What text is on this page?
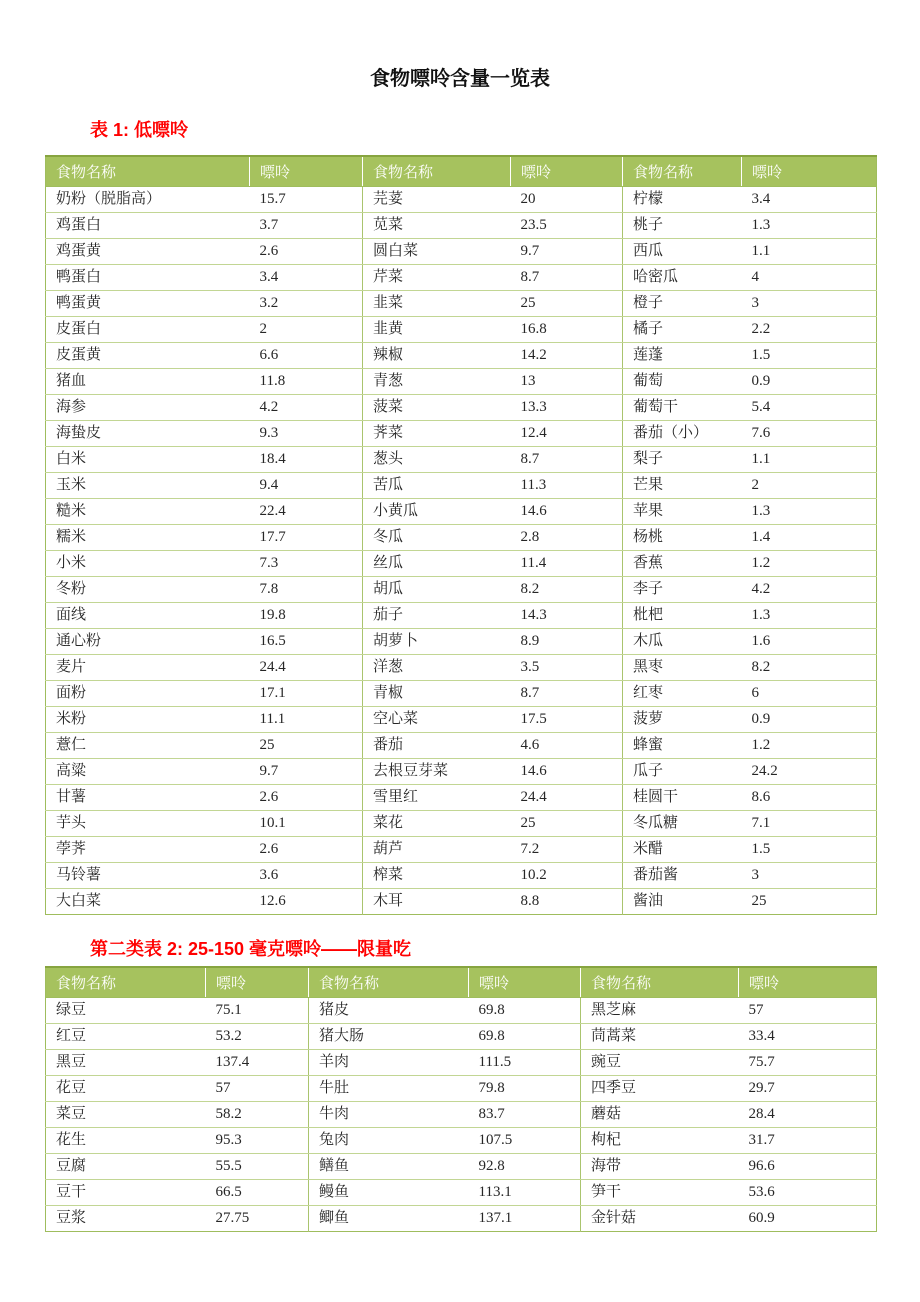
食物嘌呤含量一览表
表 1: 低嘌呤
食物名称	嘌呤	食物名称	嘌呤	食物名称	嘌呤
奶粉（脱脂高）	15.7	芫荽	20	柠檬	3.4
鸡蛋白	3.7	苋菜	23.5	桃子	1.3
鸡蛋黄	2.6	圆白菜	9.7	西瓜	1.1
鸭蛋白	3.4	芹菜	8.7	哈密瓜	4
鸭蛋黄	3.2	韭菜	25	橙子	3
皮蛋白	2	韭黄	16.8	橘子	2.2
皮蛋黄	6.6	辣椒	14.2	莲蓬	1.5
猪血	11.8	青葱	13	葡萄	0.9
海参	4.2	菠菜	13.3	葡萄干	5.4
海蛰皮	9.3	荠菜	12.4	番茄（小）	7.6
白米	18.4	葱头	8.7	梨子	1.1
玉米	9.4	苦瓜	11.3	芒果	2
糙米	22.4	小黄瓜	14.6	苹果	1.3
糯米	17.7	冬瓜	2.8	杨桃	1.4
小米	7.3	丝瓜	11.4	香蕉	1.2
冬粉	7.8	胡瓜	8.2	李子	4.2
面线	19.8	茄子	14.3	枇杷	1.3
通心粉	16.5	胡萝卜	8.9	木瓜	1.6
麦片	24.4	洋葱	3.5	黑枣	8.2
面粉	17.1	青椒	8.7	红枣	6
米粉	11.1	空心菜	17.5	菠萝	0.9
薏仁	25	番茄	4.6	蜂蜜	1.2
高粱	9.7	去根豆芽菜	14.6	瓜子	24.2
甘薯	2.6	雪里红	24.4	桂圆干	8.6
芋头	10.1	菜花	25	冬瓜糖	7.1
荸荠	2.6	葫芦	7.2	米醋	1.5
马铃薯	3.6	榨菜	10.2	番茄酱	3
大白菜	12.6	木耳	8.8	酱油	25
第二类表 2: 25-150 毫克嘌呤——限量吃
食物名称	嘌呤	食物名称	嘌呤	食物名称	嘌呤
绿豆	75.1	猪皮	69.8	黑芝麻	57
红豆	53.2	猪大肠	69.8	茼蒿菜	33.4
黑豆	137.4	羊肉	111.5	豌豆	75.7
花豆	57	牛肚	79.8	四季豆	29.7
菜豆	58.2	牛肉	83.7	蘑菇	28.4
花生	95.3	兔肉	107.5	枸杞	31.7
豆腐	55.5	鳝鱼	92.8	海带	96.6
豆干	66.5	鳗鱼	113.1	笋干	53.6
豆浆	27.75	鲫鱼	137.1	金针菇	60.9
